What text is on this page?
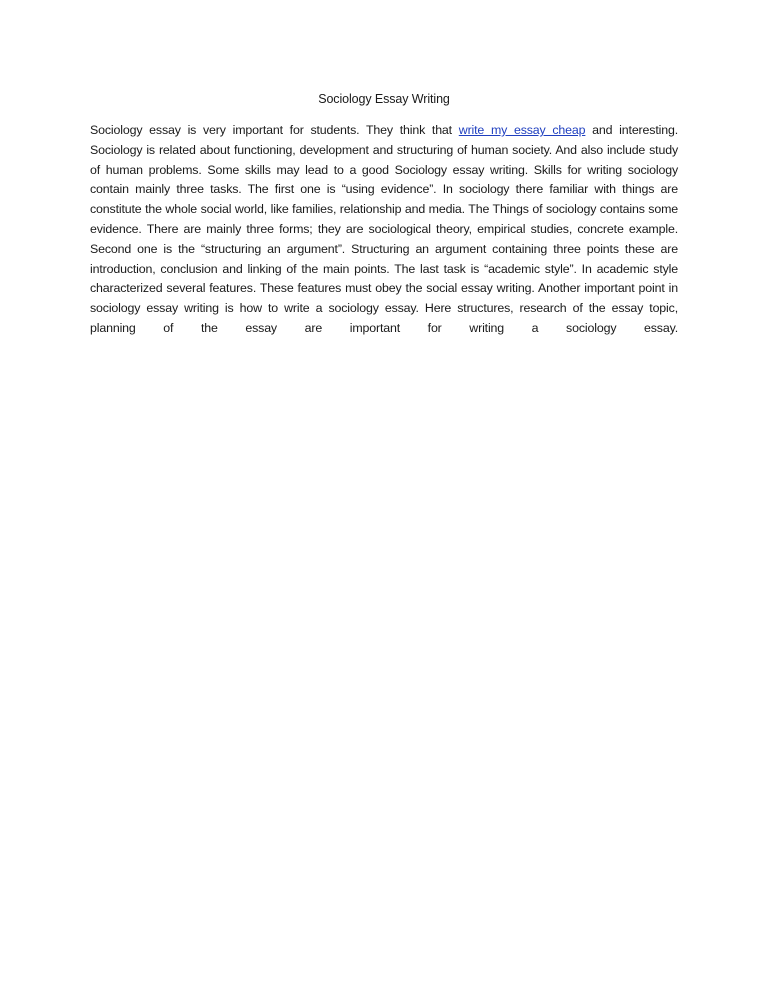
Sociology Essay Writing

Sociology essay is very important for students. They think that write my essay cheap and interesting. Sociology is related about functioning, development and structuring of human society. And also include study of human problems. Some skills may lead to a good Sociology essay writing. Skills for writing sociology contain mainly three tasks. The first one is “using evidence”. In sociology there familiar with things are constitute the whole social world, like families, relationship and media. The Things of sociology contains some evidence. There are mainly three forms; they are sociological theory, empirical studies, concrete example. Second one is the “structuring an argument”. Structuring an argument containing three points these are introduction, conclusion and linking of the main points. The last task is “academic style”. In academic style characterized several features. These features must obey the social essay writing. Another important point in sociology essay writing is how to write a sociology essay. Here structures, research of the essay topic, planning of the essay are important for writing a sociology essay.
